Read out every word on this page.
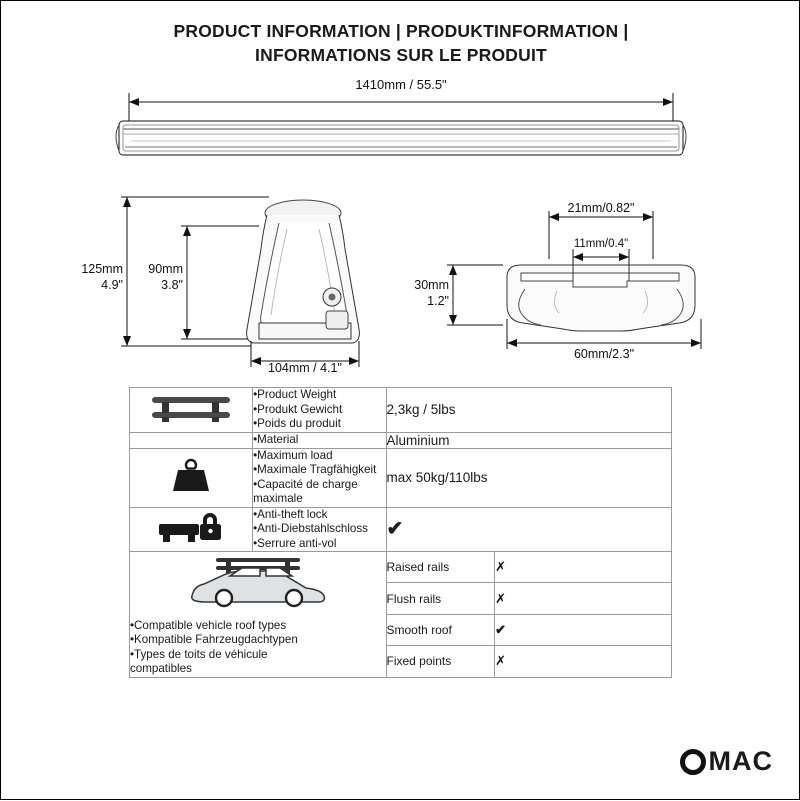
PRODUCT INFORMATION | PRODUKTINFORMATION |
INFORMATIONS SUR LE PRODUIT
1410mm / 55.5"
125mm
4.9"
90mm
3.8"
104mm / 4.1"
21mm/0.82"
11mm/0.4"
30mm
1.2"
60mm/2.3"

•Product Weight
•Produkt Gewicht
•Poids du produit	2,3kg / 5lbs	

	•Material	Aluminium	

•Maximum load
•Maximale Tragfähigkeit
•Capacité de charge maximale	max 50kg/110lbs	

•Anti-theft lock
•Anti-Diebstahlschloss
•Serrure anti-vol	✔	

•Compatible vehicle roof types
•Kompatible Fahrzeugdachtypen
•Types de toits de véhicule
compatibles		Raised rails	✗
		Flush rails	✗
		Smooth roof	✔
		Fixed points	✗
MAC
